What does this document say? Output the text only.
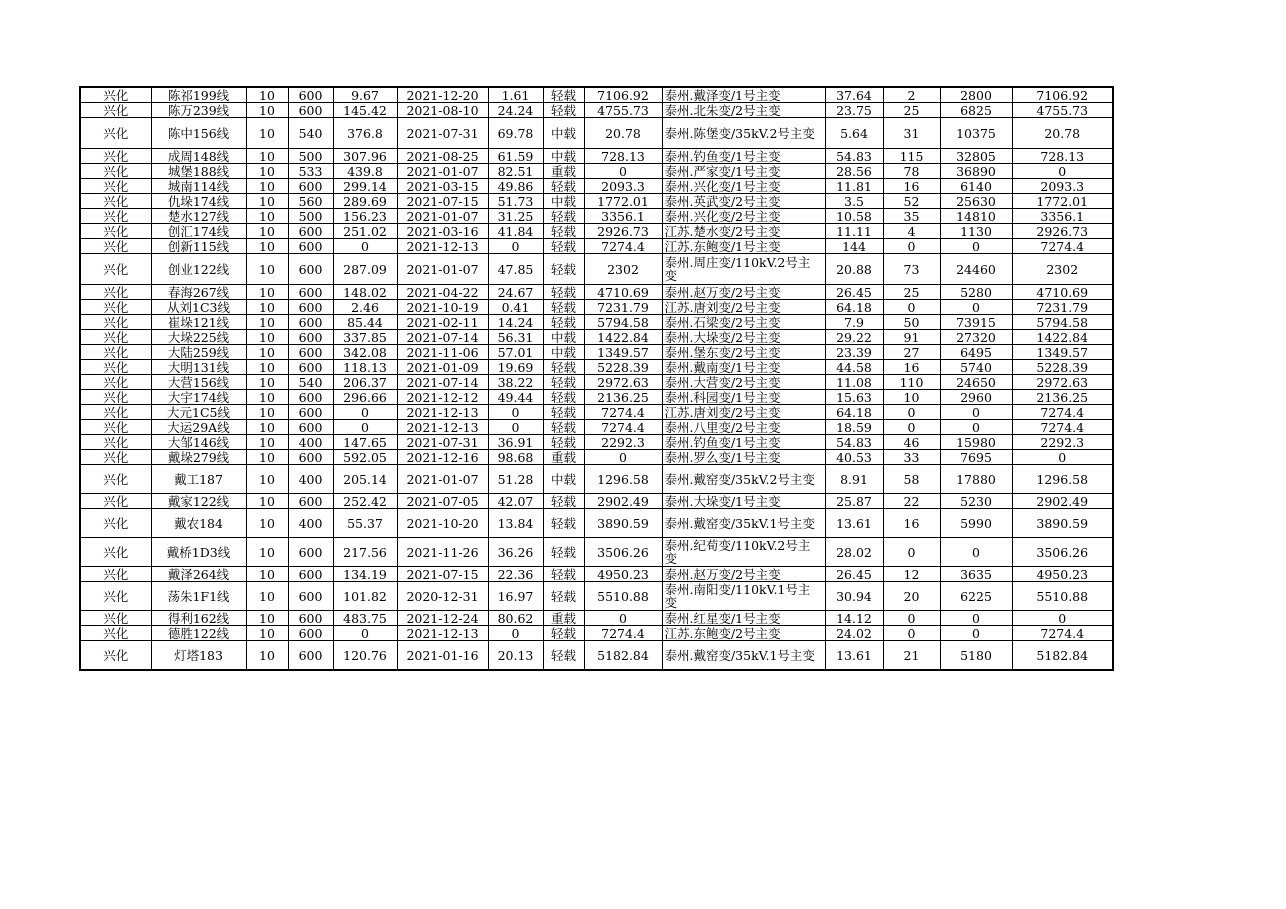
兴化	陈祁199线	10	600	9.67	2021-12-20	1.61	轻载	7106.92	泰州.戴泽变/1号主变	37.64	2	2800	7106.92
兴化	陈万239线	10	600	145.42	2021-08-10	24.24	轻载	4755.73	泰州.北朱变/2号主变	23.75	25	6825	4755.73
兴化	陈中156线	10	540	376.8	2021-07-31	69.78	中载	20.78	泰州.陈堡变/35kV.2号主变	5.64	31	10375	20.78
兴化	成周148线	10	500	307.96	2021-08-25	61.59	中载	728.13	泰州.钓鱼变/1号主变	54.83	115	32805	728.13
兴化	城堡188线	10	533	439.8	2021-01-07	82.51	重载	0	泰州.严家变/1号主变	28.56	78	36890	0
兴化	城南114线	10	600	299.14	2021-03-15	49.86	轻载	2093.3	泰州.兴化变/1号主变	11.81	16	6140	2093.3
兴化	仇垛174线	10	560	289.69	2021-07-15	51.73	中载	1772.01	泰州.英武变/2号主变	3.5	52	25630	1772.01
兴化	楚水127线	10	500	156.23	2021-01-07	31.25	轻载	3356.1	泰州.兴化变/2号主变	10.58	35	14810	3356.1
兴化	创汇174线	10	600	251.02	2021-03-16	41.84	轻载	2926.73	江苏.楚水变/2号主变	11.11	4	1130	2926.73
兴化	创新115线	10	600	0	2021-12-13	0	轻载	7274.4	江苏.东鲍变/1号主变	144	0	0	7274.4
兴化	创业122线	10	600	287.09	2021-01-07	47.85	轻载	2302	泰州.周庄变/110kV.2号主变	20.88	73	24460	2302
兴化	春海267线	10	600	148.02	2021-04-22	24.67	轻载	4710.69	泰州.赵万变/2号主变	26.45	25	5280	4710.69
兴化	从刘1C3线	10	600	2.46	2021-10-19	0.41	轻载	7231.79	江苏.唐刘变/2号主变	64.18	0	0	7231.79
兴化	崔垛121线	10	600	85.44	2021-02-11	14.24	轻载	5794.58	泰州.石梁变/2号主变	7.9	50	73915	5794.58
兴化	大垛225线	10	600	337.85	2021-07-14	56.31	中载	1422.84	泰州.大垛变/2号主变	29.22	91	27320	1422.84
兴化	大陆259线	10	600	342.08	2021-11-06	57.01	中载	1349.57	泰州.堡东变/2号主变	23.39	27	6495	1349.57
兴化	大明131线	10	600	118.13	2021-01-09	19.69	轻载	5228.39	泰州.戴南变/1号主变	44.58	16	5740	5228.39
兴化	大营156线	10	540	206.37	2021-07-14	38.22	轻载	2972.63	泰州.大营变/2号主变	11.08	110	24650	2972.63
兴化	大宇174线	10	600	296.66	2021-12-12	49.44	轻载	2136.25	泰州.科园变/1号主变	15.63	10	2960	2136.25
兴化	大元1C5线	10	600	0	2021-12-13	0	轻载	7274.4	江苏.唐刘变/2号主变	64.18	0	0	7274.4
兴化	大运29A线	10	600	0	2021-12-13	0	轻载	7274.4	泰州.八里变/2号主变	18.59	0	0	7274.4
兴化	大邹146线	10	400	147.65	2021-07-31	36.91	轻载	2292.3	泰州.钓鱼变/1号主变	54.83	46	15980	2292.3
兴化	戴垛279线	10	600	592.05	2021-12-16	98.68	重载	0	泰州.罗么变/1号主变	40.53	33	7695	0
兴化	戴工187	10	400	205.14	2021-01-07	51.28	中载	1296.58	泰州.戴窑变/35kV.2号主变	8.91	58	17880	1296.58
兴化	戴家122线	10	600	252.42	2021-07-05	42.07	轻载	2902.49	泰州.大垛变/1号主变	25.87	22	5230	2902.49
兴化	戴农184	10	400	55.37	2021-10-20	13.84	轻载	3890.59	泰州.戴窑变/35kV.1号主变	13.61	16	5990	3890.59
兴化	戴桥1D3线	10	600	217.56	2021-11-26	36.26	轻载	3506.26	泰州.纪荀变/110kV.2号主变	28.02	0	0	3506.26
兴化	戴泽264线	10	600	134.19	2021-07-15	22.36	轻载	4950.23	泰州.赵万变/2号主变	26.45	12	3635	4950.23
兴化	荡朱1F1线	10	600	101.82	2020-12-31	16.97	轻载	5510.88	泰州.南阳变/110kV.1号主变	30.94	20	6225	5510.88
兴化	得利162线	10	600	483.75	2021-12-24	80.62	重载	0	泰州.红星变/1号主变	14.12	0	0	0
兴化	德胜122线	10	600	0	2021-12-13	0	轻载	7274.4	江苏.东鲍变/2号主变	24.02	0	0	7274.4
兴化	灯塔183	10	600	120.76	2021-01-16	20.13	轻载	5182.84	泰州.戴窑变/35kV.1号主变	13.61	21	5180	5182.84
